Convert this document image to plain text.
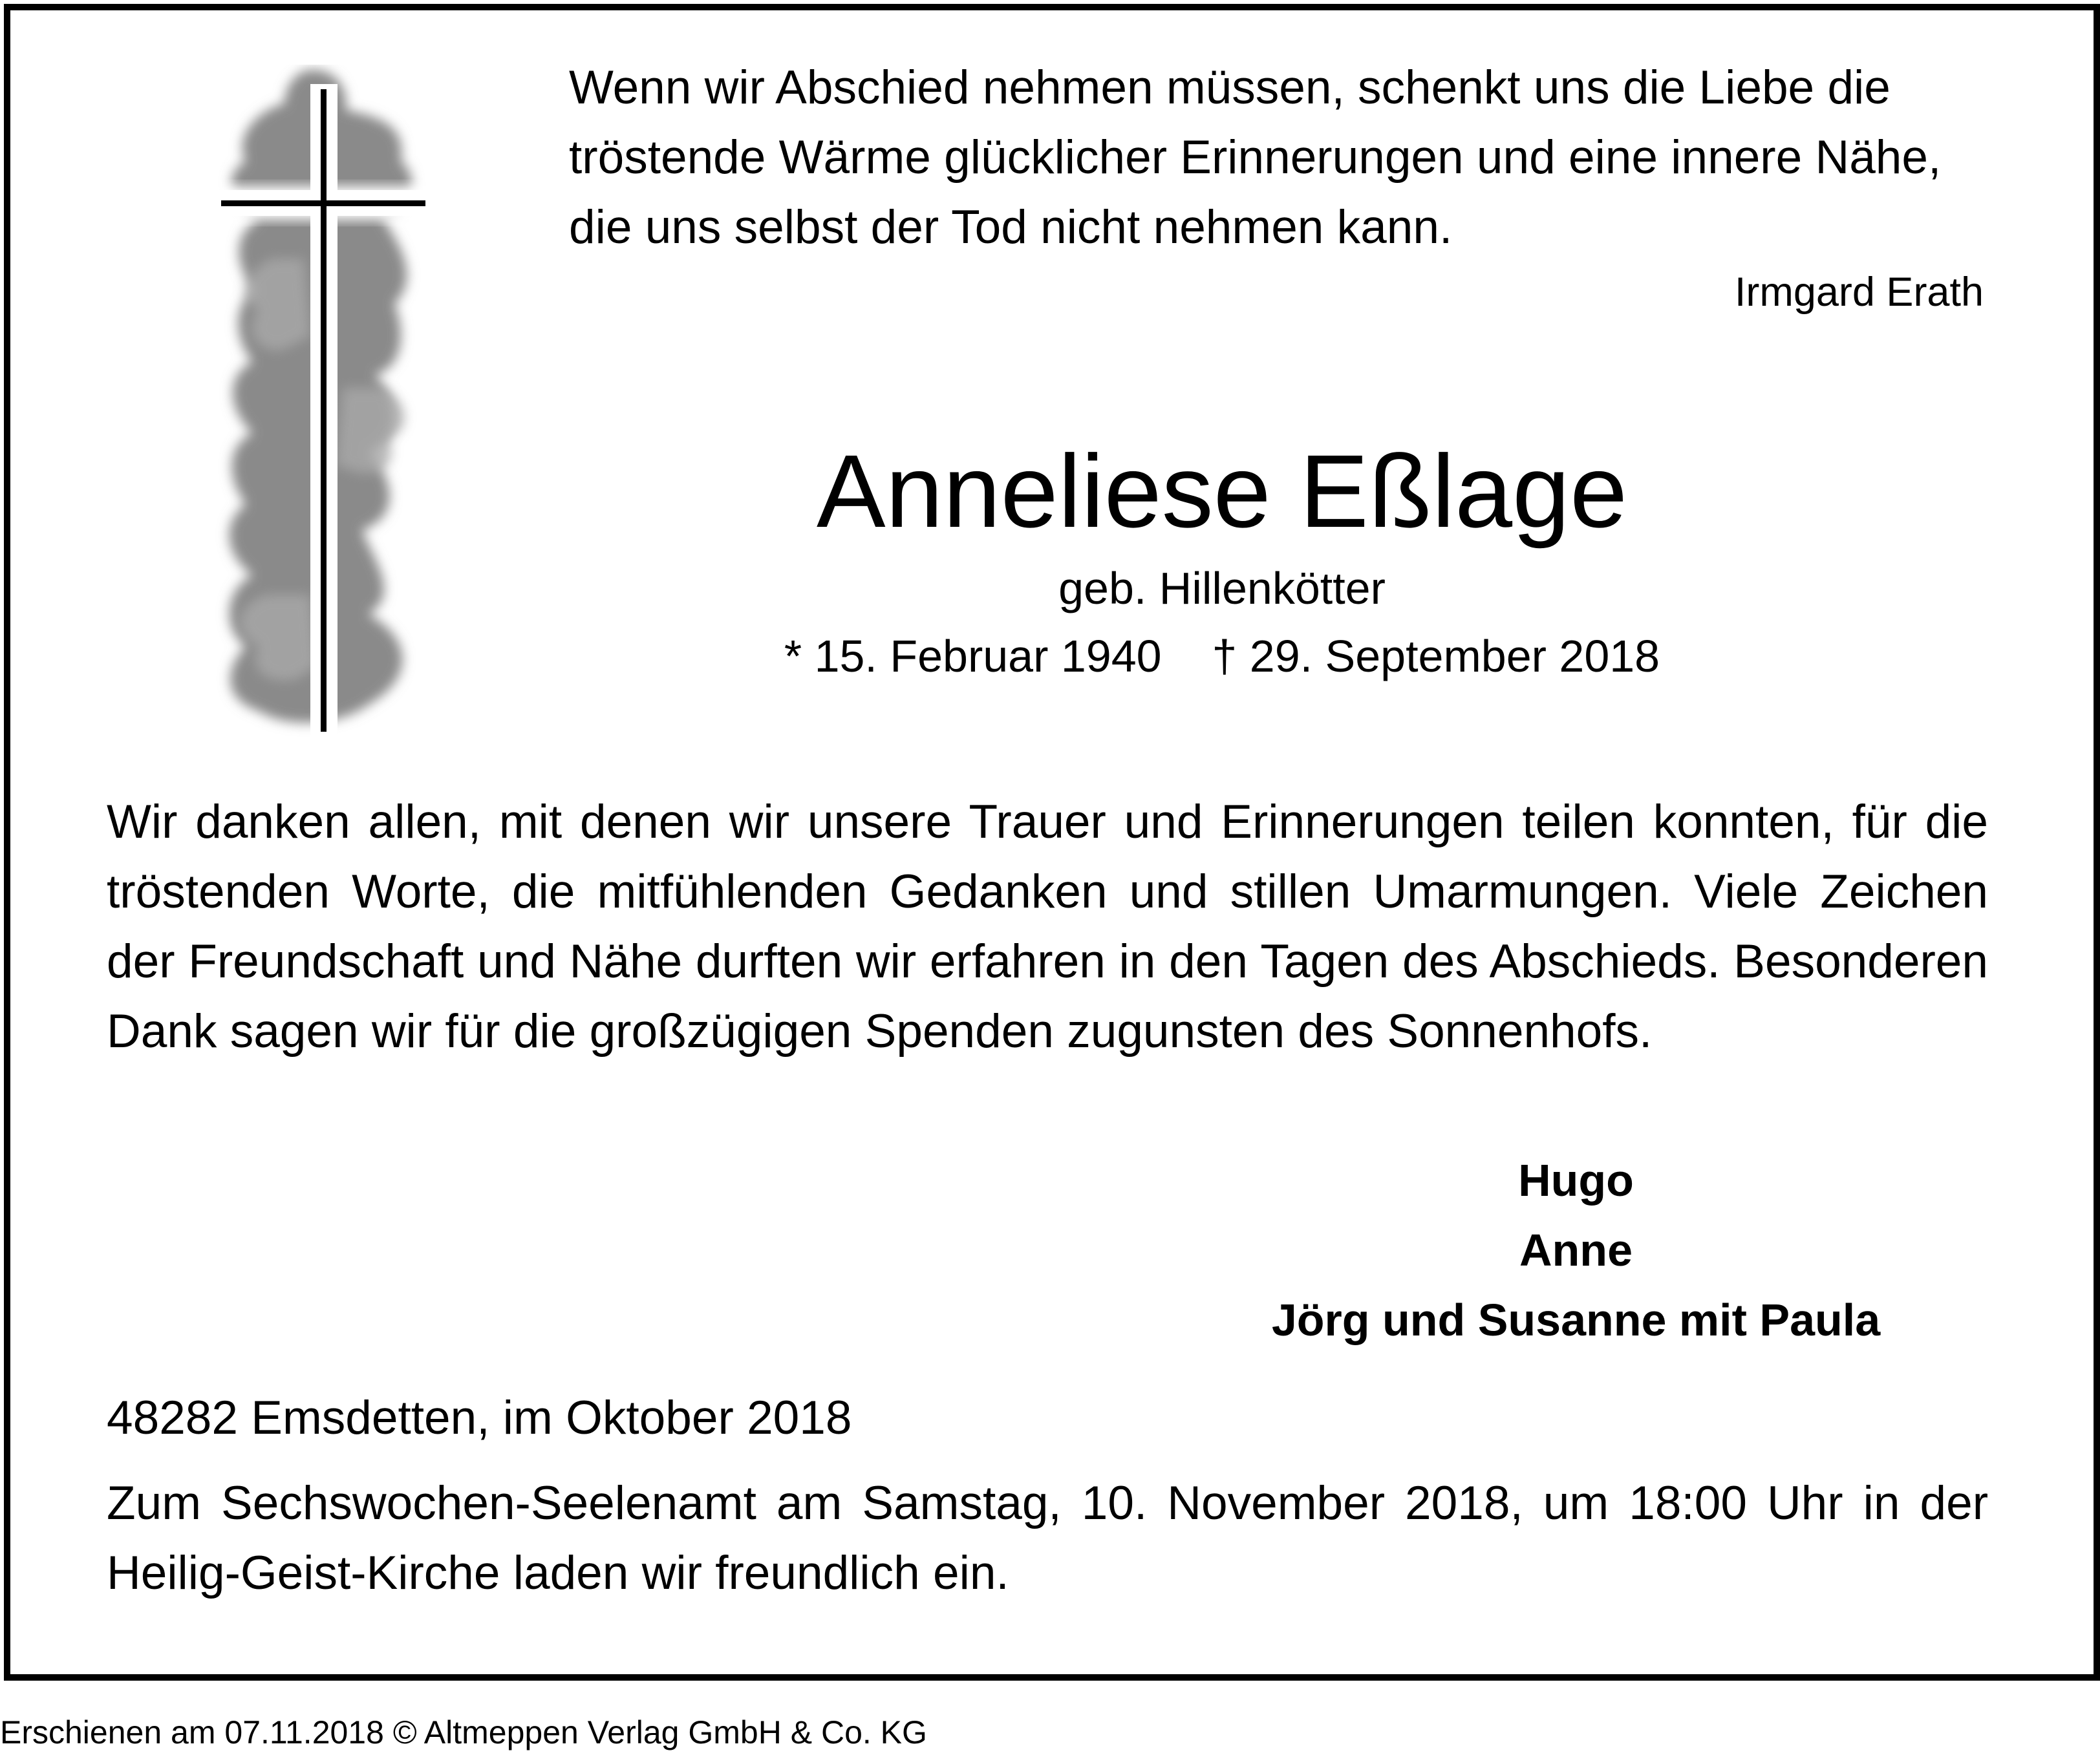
Wenn wir Abschied nehmen müssen, schenkt uns die Liebe die tröstende Wärme glücklicher Erinnerungen und eine innere Nähe, die uns selbst der Tod nicht nehmen kann.
Irmgard Erath
Anneliese Eßlage
geb. Hillenkötter
* 15. Februar 1940    † 29. September 2018
Wir danken allen, mit denen wir unsere Trauer und Erinnerungen teilen konnten, für die tröstenden Worte, die mitfühlenden Gedanken und stillen Umarmungen. Viele Zeichen der Freundschaft und Nähe durften wir erfahren in den Tagen des Abschieds. Besonderen Dank sagen wir für die großzügigen Spenden zugunsten des Sonnenhofs.
Hugo
Anne
Jörg und Susanne mit Paula
48282 Emsdetten, im Oktober 2018
Zum Sechswochen-Seelenamt am Samstag, 10. November 2018, um 18:00 Uhr in der Heilig-Geist-Kirche laden wir freundlich ein.
Erschienen am 07.11.2018 © Altmeppen Verlag GmbH & Co. KG
